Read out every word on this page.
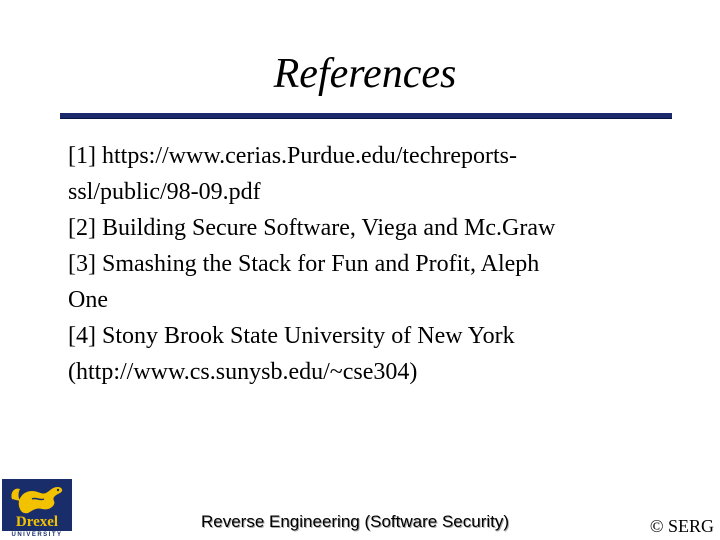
References

[1] https://www.cerias.Purdue.edu/techreports-
ssl/public/98-09.pdf

[2] Building Secure Software, Viega and Mc.Graw

[3] Smashing the Stack for Fun and Profit, Aleph
One

[4] Stony Brook State University of New York
(http://www.cs.sunysb.edu/~cse304)

Drexel
UNIVERSITY
Reverse Engineering (Software Security)	© SERG
